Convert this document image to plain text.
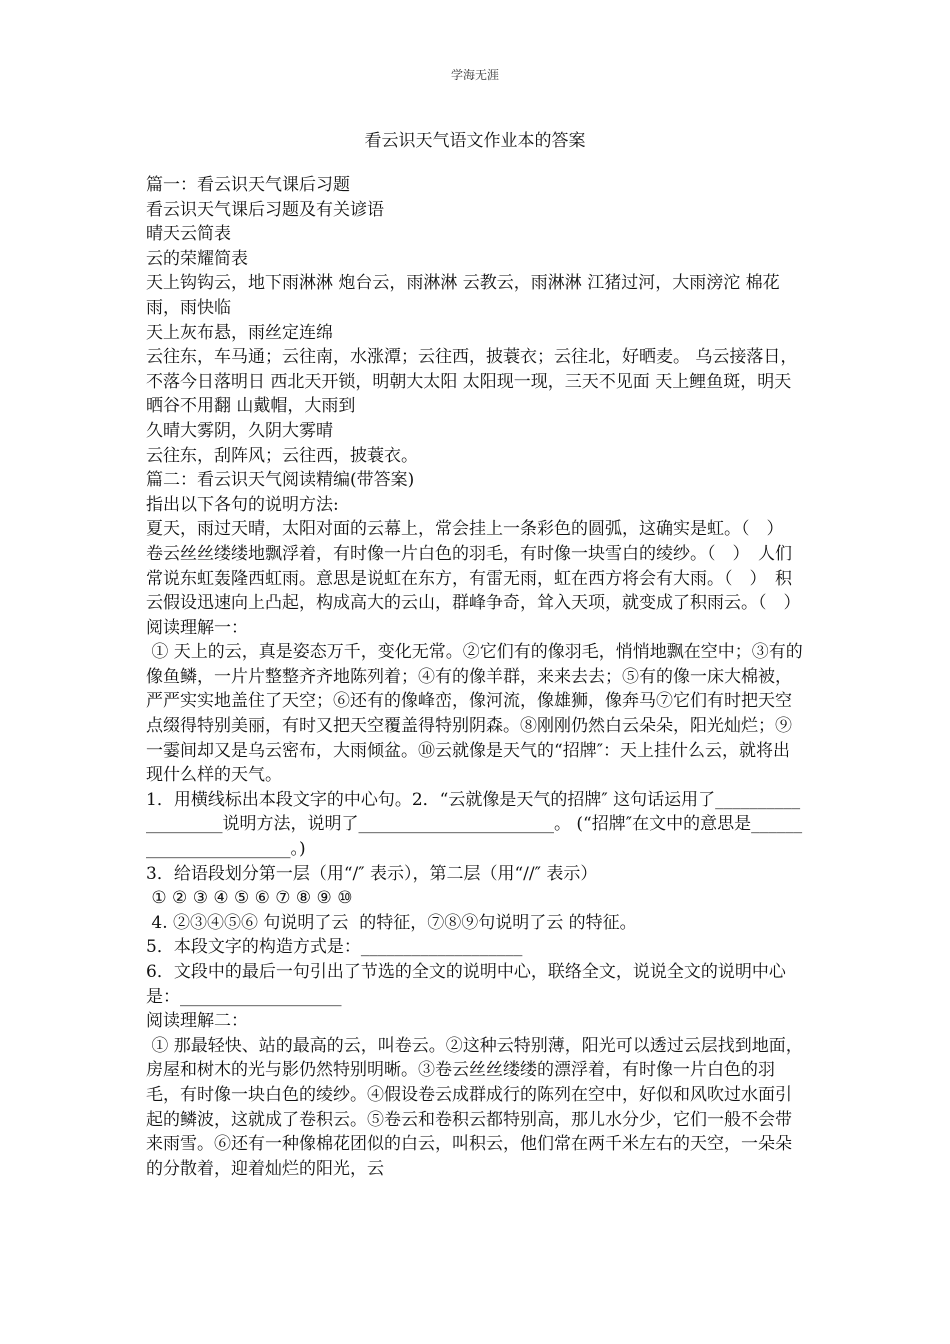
学海无涯
看云识天气语文作业本的答案

篇一：看云识天气课后习题

看云识天气课后习题及有关谚语

晴天云简表

云的荣耀简表

天上钩钩云，地下雨淋淋 炮台云，雨淋淋 云教云，雨淋淋 江猪过河，大雨滂沱 棉花雨，雨快临

天上灰布悬，雨丝定连绵

云往东，车马通；云往南，水涨潭；云往西，披蓑衣；云往北，好晒麦。 乌云接落日，不落今日落明日 西北天开锁，明朝大太阳 太阳现一现，三天不见面 天上鲤鱼斑，明天晒谷不用翻 山戴帽，大雨到

久晴大雾阴，久阴大雾晴

云往东，刮阵风；云往西，披蓑衣。

篇二：看云识天气阅读精编(带答案)

指出以下各句的说明方法:

夏天，雨过天晴，太阳对面的云幕上，常会挂上一条彩色的圆弧，这确实是虹。（　）　卷云丝丝缕缕地飘浮着，有时像一片白色的羽毛，有时像一块雪白的绫纱。（　）　人们常说东虹轰隆西虹雨。意思是说虹在东方，有雷无雨，虹在西方将会有大雨。（　）　积云假设迅速向上凸起，构成高大的云山，群峰争奇，耸入天项，就变成了积雨云。（　）

阅读理解一：

① 天上的云，真是姿态万千，变化无常。②它们有的像羽毛，悄悄地飘在空中；③有的像鱼鳞，一片片整整齐齐地陈列着；④有的像羊群，来来去去；⑤有的像一床大棉被，严严实实地盖住了天空；⑥还有的像峰峦，像河流，像雄狮，像奔马⑦它们有时把天空点缀得特别美丽，有时又把天空覆盖得特别阴森。⑧刚刚仍然白云朵朵，阳光灿烂；⑨一霎间却又是乌云密布，大雨倾盆。⑩云就像是天气的“招牌″：天上挂什么云，就将出现什么样的天气。

1．用横线标出本段文字的中心句。2．“云就像是天气的招牌″ 这句话运用了___________________说明方法，说明了_______________________。 (“招牌″在文中的意思是_______________________。)

3．给语段划分第一层（用“/″ 表示），第二层（用“//″ 表示）

① ② ③ ④ ⑤ ⑥ ⑦ ⑧ ⑨ ⑩

4. ②③④⑤⑥ 句说明了云  的特征，⑦⑧⑨句说明了云 的特征。

5．本段文字的构造方式是：___________________

6．文段中的最后一句引出了节选的全文的说明中心，联络全文，说说全文的说明中心是：___________________

阅读理解二：

① 那最轻快、站的最高的云，叫卷云。②这种云特别薄，阳光可以透过云层找到地面，房屋和树木的光与影仍然特别明晰。③卷云丝丝缕缕的漂浮着，有时像一片白色的羽毛，有时像一块白色的绫纱。④假设卷云成群成行的陈列在空中，好似和风吹过水面引起的鳞波，这就成了卷积云。⑤卷云和卷积云都特别高，那儿水分少，它们一般不会带来雨雪。⑥还有一种像棉花团似的白云，叫积云，他们常在两千米左右的天空，一朵朵的分散着，迎着灿烂的阳光，云
